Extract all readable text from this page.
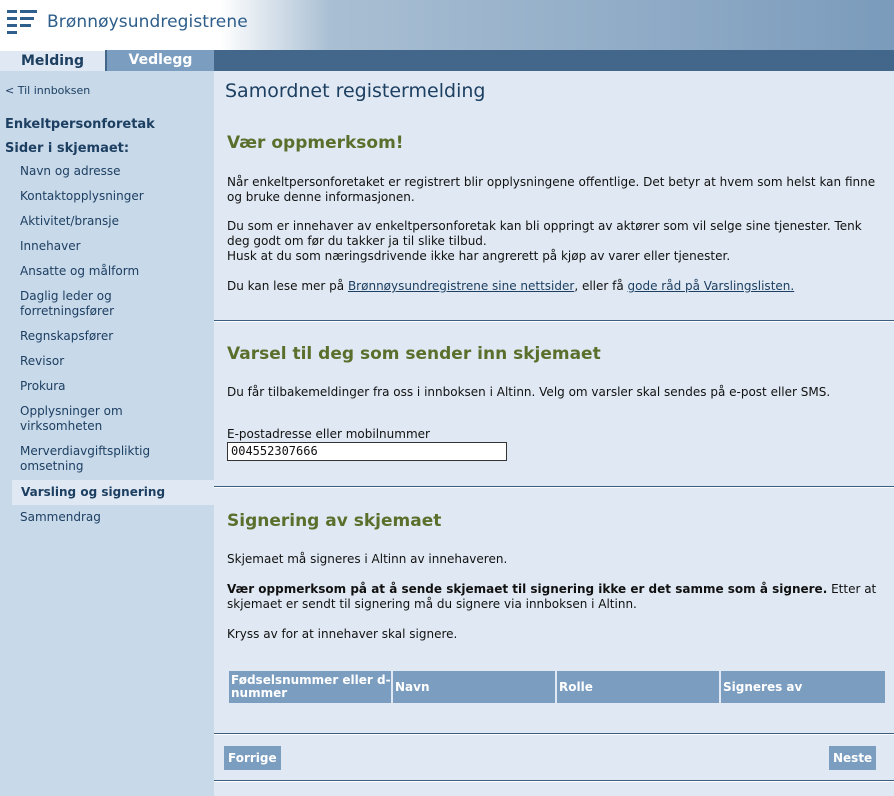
Brønnøysundregistrene
Melding	Vedlegg
< Til innboksen
Enkeltpersonforetak
Sider i skjemaet:
Navn og adresse
Kontaktopplysninger
Aktivitet/bransje
Innehaver
Ansatte og målform
Daglig leder og forretningsfører
Regnskapsfører
Revisor
Prokura
Opplysninger om virksomheten
Merverdiavgiftspliktig omsetning
Varsling og signering
Sammendrag
Samordnet registermelding
Vær oppmerksom!
Når enkeltpersonforetaket er registrert blir opplysningene offentlige. Det betyr at hvem som helst kan finne og bruke denne informasjonen.
Du som er innehaver av enkeltpersonforetak kan bli oppringt av aktører som vil selge sine tjenester. Tenk deg godt om før du takker ja til slike tilbud.
Husk at du som næringsdrivende ikke har angrerett på kjøp av varer eller tjenester.
Du kan lese mer på Brønnøysundregistrene sine nettsider, eller få gode råd på Varslingslisten.
Varsel til deg som sender inn skjemaet
Du får tilbakemeldinger fra oss i innboksen i Altinn. Velg om varsler skal sendes på e-post eller SMS.
E-postadresse eller mobilnummer
004552307666
Signering av skjemaet
Skjemaet må signeres i Altinn av innehaveren.
Vær oppmerksom på at å sende skjemaet til signering ikke er det samme som å signere. Etter at skjemaet er sendt til signering må du signere via innboksen i Altinn.
Kryss av for at innehaver skal signere.
Fødselsnummer eller d-nummer	Navn	Rolle	Signeres av
Forrige	Neste
